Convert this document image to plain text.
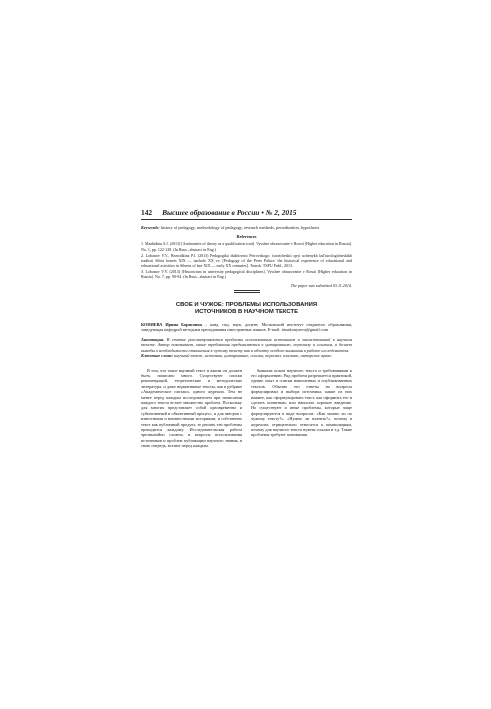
142 Высшее образование в России • № 2, 2015

Keywords: history of pedagogy, methodology of pedagogy, research methods, periodization, hypothesis

References
1. Mazhidina S.I. (2013) [Antinomies of theory as a qualification trait]. Vysshee obrazovanie v Rossii [Higher education in Russia]. No. 1, pp. 122-128. (In Russ., abstract in Eng.)
2. Lobanov V.V., Bezrodkina P.I. (2013) Pedagogika dukhovnoi Petrovskogo: istoricheskii opyt uchenykh kul'turologicheskikh traditsii Sibiri konets XIX — nachalo XX vv. [Pedagogy of the Peter Palace: the historical experience of educational and educational activities in Siberia of late XIX — early XX centuries]. Tomsk: TSPU Publ., 2013.
3. Lobanov V.V. (2013) [Historicism in university pedagogical disciplines]. Vysshee obrazovanie v Rossii [Higher education in Russia]. No. 7, pp. 90-94. (In Russ., abstract in Eng.)
The paper was submitted 03.11.2014.
СВОЕ И ЧУЖОЕ: ПРОБЛЕМЫ ИСПОЛЬЗОВАНИЯ
ИСТОЧНИКОВ В НАУЧНОМ ТЕКСТЕ

КОНЯЕВА Ирина Борисовна – канд. пед. наук, доцент, Московский институт открытого образования, заведующая кафедрой методики преподавания иностранных языков. E-mail: irinakonyaeva@gmail.com

Аннотация. В статье рассматриваются проблемы использования источников и заимствований в научном тексте. Автор показывает, какие требования предъявляются к цитированию, пересказу и ссылкам, и делает выводы о необходимости отношения к чужому тексту как к объекту особого внимания в работе исследователя.

Ключевые слова: научный текст, источник, цитирование, ссылка, пересказ, плагиат, авторское право

В том, что такое научный текст и каким он должен быть, написано много. Существуют списки рекомендаций, теоретические и методические литература, и даже нормативные тексты, как в рубрике «Академическое письмо» одного журнала. Тем не менее перед каждым исследователем при написании каждого текста встает множество проблем. Поскольку для многих представляет собой одновременно и субъективный и объективный процесс, и для авторов с известными и неизвестными историями, и собственно текст как публичный продукт, то решать эти проблемы приходится каждому. Исследовательская работа чрезвычайно сложна, и вопросы использования источников и проблем публикации научного знания, в свою очередь, встают перед каждым.

бывшим опыта научного текста и требованиями к его оформлению. Ряд проблем разрешается практикой, однако опыт и списки написанных и опубликованных текстов. Обычно это ответы на вопросы формулировки и выбора источника, какие из них важнее, как сформулировать текст, как оформить его и сделать понятным, или написать хорошее введение. Но существуют и иные проблемы, которые чаще формулируются в виде вопросов: «Как можно ли по чужому тексту?», «Нужно ли платить?», почему в журналах отрицательно относятся к компиляциям, почему для научного текста нужны ссылки и т.д. Такие проблемы требуют понимания.
